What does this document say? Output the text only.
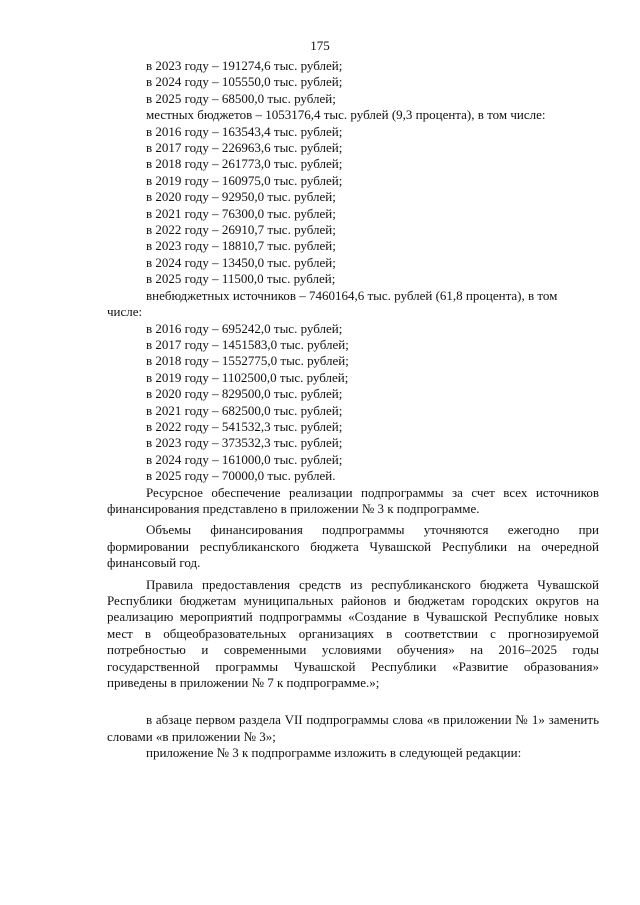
175
в 2023 году – 191274,6 тыс. рублей;
в 2024 году – 105550,0 тыс. рублей;
в 2025 году – 68500,0 тыс. рублей;
местных бюджетов – 1053176,4 тыс. рублей (9,3 процента), в том числе:
в 2016 году – 163543,4 тыс. рублей;
в 2017 году – 226963,6 тыс. рублей;
в 2018 году – 261773,0 тыс. рублей;
в 2019 году – 160975,0 тыс. рублей;
в 2020 году – 92950,0 тыс. рублей;
в 2021 году – 76300,0 тыс. рублей;
в 2022 году – 26910,7 тыс. рублей;
в 2023 году – 18810,7 тыс. рублей;
в 2024 году – 13450,0 тыс. рублей;
в 2025 году – 11500,0 тыс. рублей;
внебюджетных источников – 7460164,6 тыс. рублей (61,8 процента), в том
числе:
в 2016 году – 695242,0 тыс. рублей;
в 2017 году – 1451583,0 тыс. рублей;
в 2018 году – 1552775,0 тыс. рублей;
в 2019 году – 1102500,0 тыс. рублей;
в 2020 году – 829500,0 тыс. рублей;
в 2021 году – 682500,0 тыс. рублей;
в 2022 году – 541532,3 тыс. рублей;
в 2023 году – 373532,3 тыс. рублей;
в 2024 году – 161000,0 тыс. рублей;
в 2025 году – 70000,0 тыс. рублей.

Ресурсное обеспечение реализации подпрограммы за счет всех источников финансирования представлено в приложении № 3 к подпрограмме.

Объемы финансирования подпрограммы уточняются ежегодно при формировании республиканского бюджета Чувашской Республики на очередной финансовый год.

Правила предоставления средств из республиканского бюджета Чувашской Республики бюджетам муниципальных районов и бюджетам городских округов на реализацию мероприятий подпрограммы «Создание в Чувашской Республике новых мест в общеобразовательных организациях в соответствии с прогнозируемой потребностью и современными условиями обучения» на 2016–2025 годы государственной программы Чувашской Республики «Развитие образования» приведены в приложении № 7 к подпрограмме.»;

в абзаце первом раздела VII подпрограммы слова «в приложении № 1» заменить словами «в приложении № 3»;

приложение № 3 к подпрограмме изложить в следующей редакции:
